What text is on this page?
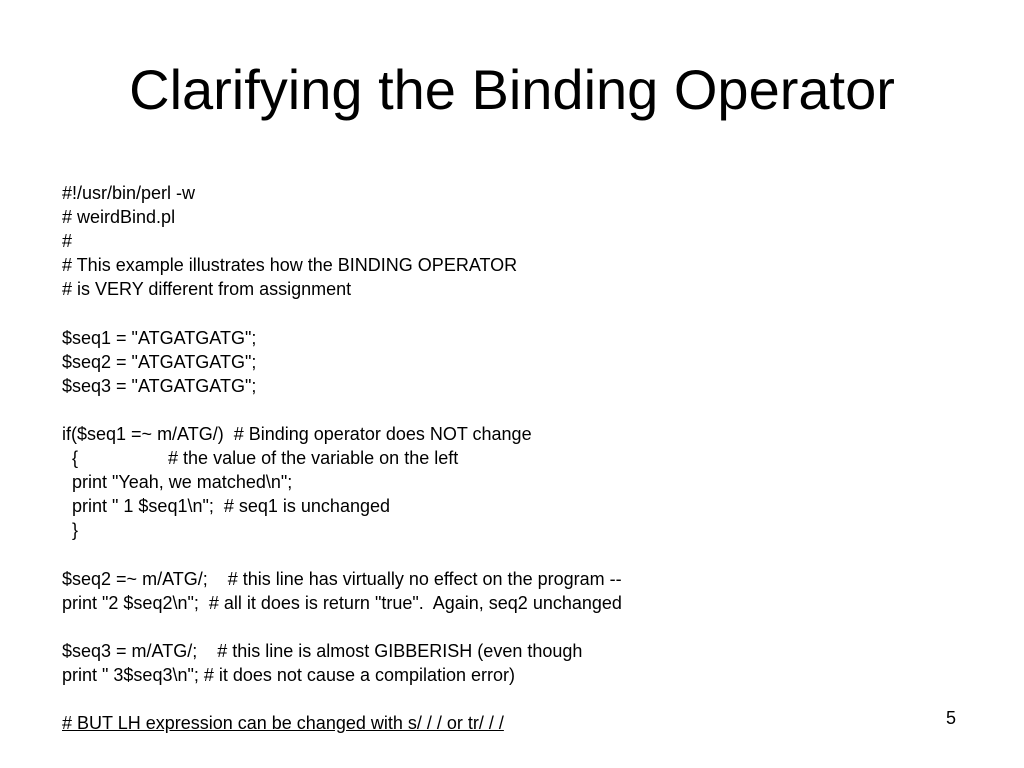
Clarifying the Binding Operator
#!/usr/bin/perl -w
# weirdBind.pl
#
# This example illustrates how the BINDING OPERATOR
# is VERY different from assignment
$seq1 = "ATGATGATG";
$seq2 = "ATGATGATG";
$seq3 = "ATGATGATG";
if($seq1 =~ m/ATG/)  # Binding operator does NOT change
{                  # the value of the variable on the left
print "Yeah, we matched\n";
print " 1 $seq1\n";  # seq1 is unchanged
}
$seq2 =~ m/ATG/;    # this line has virtually no effect on the program --
print "2 $seq2\n";  # all it does is return "true".  Again, seq2 unchanged
$seq3 = m/ATG/;    # this line is almost GIBBERISH (even though
print " 3$seq3\n"; # it does not cause a compilation error)
# BUT LH expression can be changed with s/ / / or tr/ / /	5
